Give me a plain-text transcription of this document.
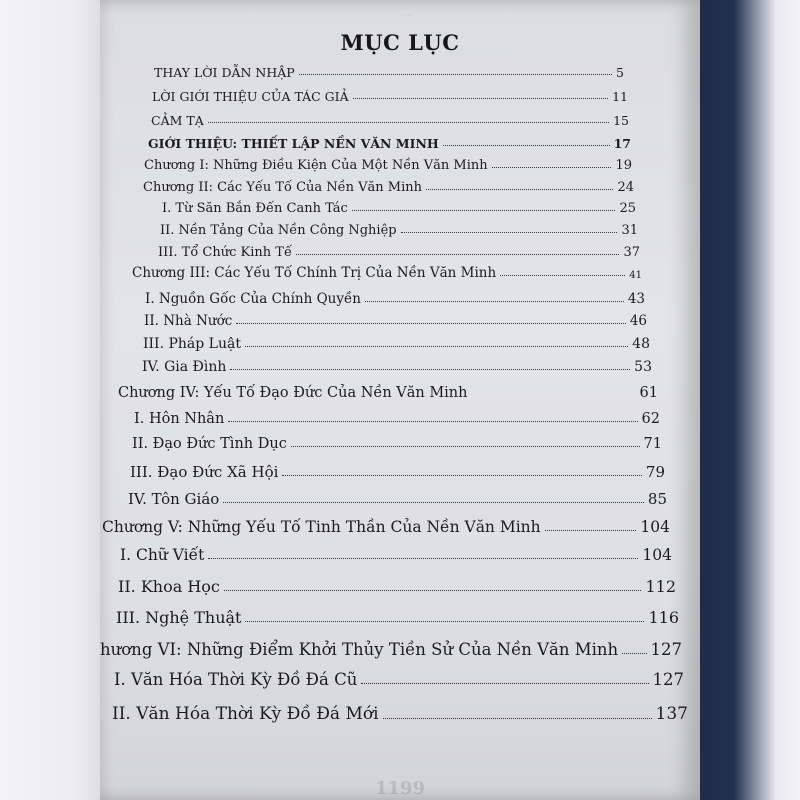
…
MỤC LỤC
THAY LỜI DẪN NHẬP	5
LỜI GIỚI THIỆU CỦA TÁC GIẢ	11
CẢM TẠ	15
GIỚI THIỆU: THIẾT LẬP NỀN VĂN MINH	17
Chương I: Những Điều Kiện Của Một Nền Văn Minh	19
Chương II: Các Yếu Tố Của Nền Văn Minh	24
I. Từ Săn Bắn Đến Canh Tác	25
II. Nền Tảng Của Nền Công Nghiệp	31
III. Tổ Chức Kinh Tế	37
Chương III: Các Yếu Tố Chính Trị Của Nền Văn Minh	41
I. Nguồn Gốc Của Chính Quyền	43
II. Nhà Nước	46
III. Pháp Luật	48
IV. Gia Đình	53
Chương IV: Yếu Tố Đạo Đức Của Nền Văn Minh	61
I. Hôn Nhân	62
II. Đạo Đức Tình Dục	71
III. Đạo Đức Xã Hội	79
IV. Tôn Giáo	85
Chương V: Những Yếu Tố Tinh Thần Của Nền Văn Minh	104
I. Chữ Viết	104
II. Khoa Học	112
III. Nghệ Thuật	116
hương VI: Những Điểm Khởi Thủy Tiền Sử Của Nền Văn Minh 127
I. Văn Hóa Thời Kỳ Đồ Đá Cũ	127
II. Văn Hóa Thời Kỳ Đồ Đá Mới	137
1199
